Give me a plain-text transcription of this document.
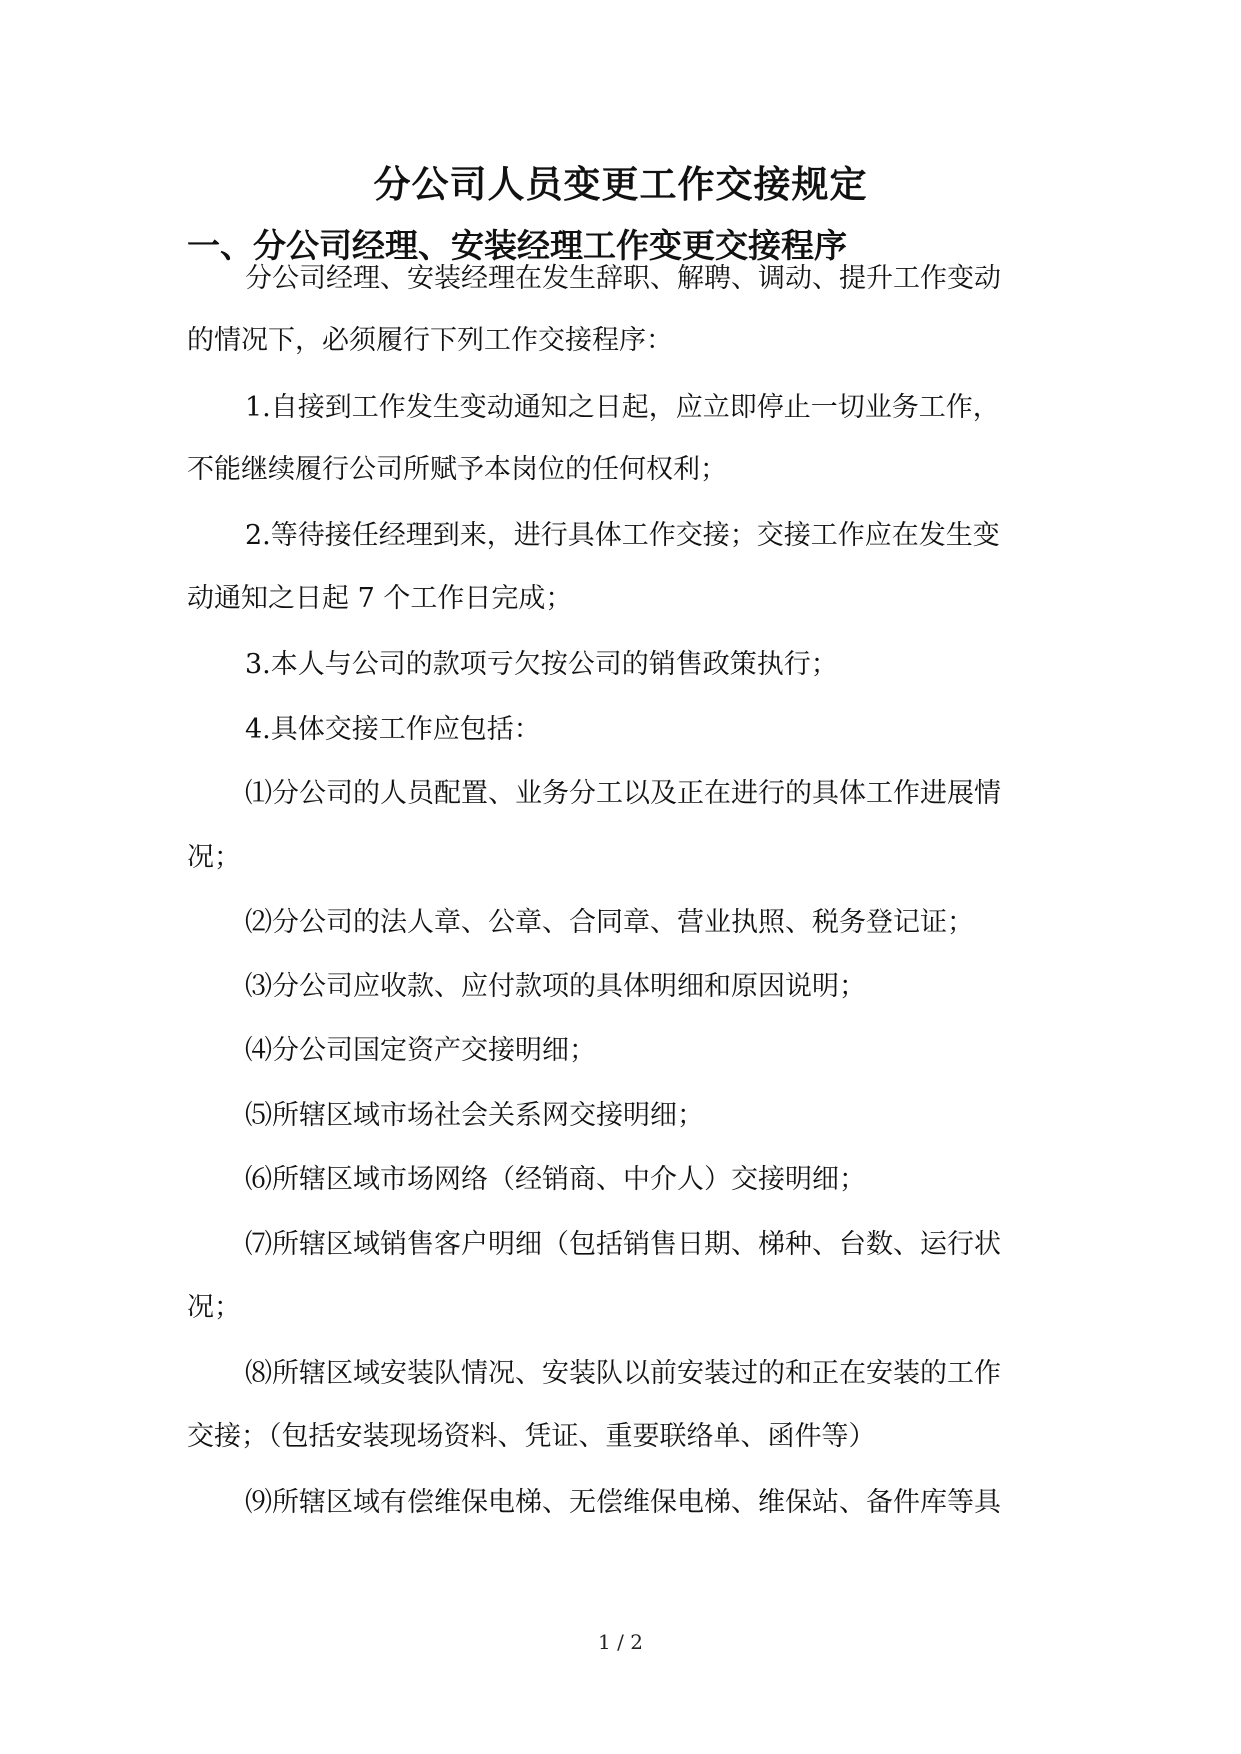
分公司人员变更工作交接规定
一、分公司经理、安装经理工作变更交接程序
分公司经理、安装经理在发生辞职、解聘、调动、提升工作变动
的情况下，必须履行下列工作交接程序：
1.自接到工作发生变动通知之日起，应立即停止一切业务工作，
不能继续履行公司所赋予本岗位的任何权利；
2.等待接任经理到来，进行具体工作交接；交接工作应在发生变
动通知之日起 7 个工作日完成；
3.本人与公司的款项亏欠按公司的销售政策执行；
4.具体交接工作应包括：
⑴分公司的人员配置、业务分工以及正在进行的具体工作进展情
况；
⑵分公司的法人章、公章、合同章、营业执照、税务登记证；
⑶分公司应收款、应付款项的具体明细和原因说明；
⑷分公司国定资产交接明细；
⑸所辖区域市场社会关系网交接明细；
⑹所辖区域市场网络（经销商、中介人）交接明细；
⑺所辖区域销售客户明细（包括销售日期、梯种、台数、运行状
况；
⑻所辖区域安装队情况、安装队以前安装过的和正在安装的工作
交接；（包括安装现场资料、凭证、重要联络单、函件等）
⑼所辖区域有偿维保电梯、无偿维保电梯、维保站、备件库等具
1 / 2
